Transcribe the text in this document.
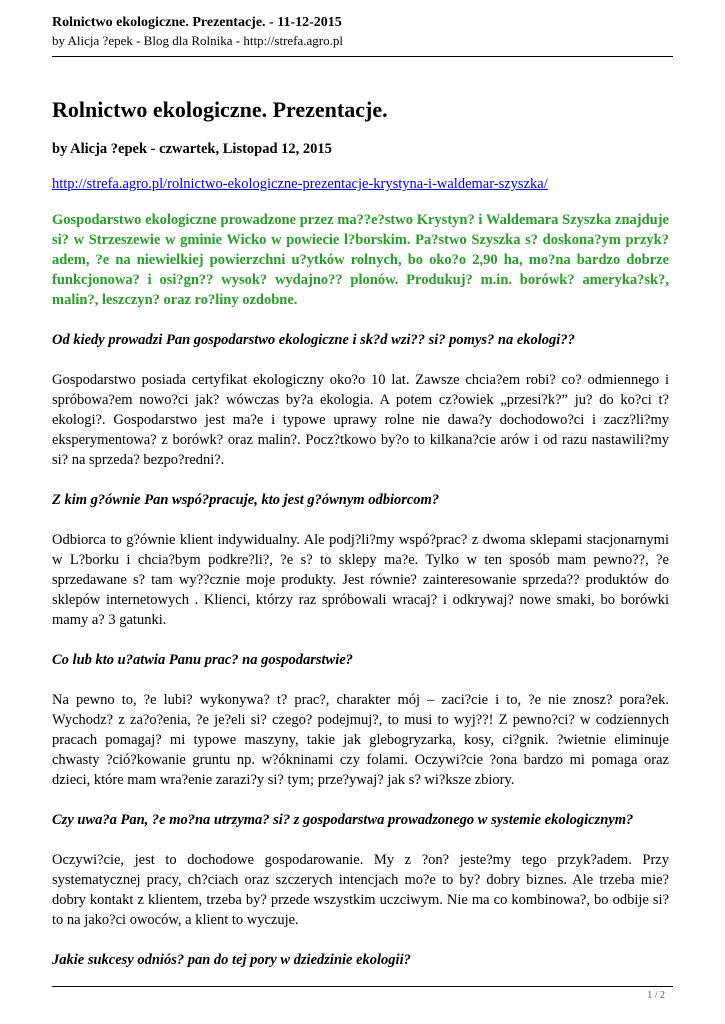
Rolnictwo ekologiczne. Prezentacje. - 11-12-2015
by Alicja ?epek - Blog dla Rolnika - http://strefa.agro.pl
Rolnictwo ekologiczne. Prezentacje.
by Alicja ?epek - czwartek, Listopad 12, 2015
http://strefa.agro.pl/rolnictwo-ekologiczne-prezentacje-krystyna-i-waldemar-szyszka/

Gospodarstwo ekologiczne prowadzone przez ma??e?stwo Krystyn? i Waldemara Szyszka znajduje si? w Strzeszewie w gminie Wicko w powiecie l?borskim. Pa?stwo Szyszka s? doskona?ym przyk?adem, ?e na niewielkiej powierzchni u?ytków rolnych, bo oko?o 2,90 ha, mo?na bardzo dobrze funkcjonowa? i osi?gn?? wysok? wydajno?? plonów. Produkuj? m.in. borówk? ameryka?sk?, malin?, leszczyn? oraz ro?liny ozdobne.

Od kiedy prowadzi Pan gospodarstwo ekologiczne i sk?d wzi?? si? pomys? na ekologi??

Gospodarstwo posiada certyfikat ekologiczny oko?o 10 lat. Zawsze chcia?em robi? co? odmiennego i spróbowa?em nowo?ci jak? wówczas by?a ekologia. A potem cz?owiek „przesi?k?” ju? do ko?ci t? ekologi?. Gospodarstwo jest ma?e i typowe uprawy rolne nie dawa?y dochodowo?ci i zacz?li?my eksperymentowa? z borówk? oraz malin?. Pocz?tkowo by?o to kilkana?cie arów i od razu nastawili?my si? na sprzeda? bezpo?redni?.

Z kim g?ównie Pan wspó?pracuje, kto jest g?ównym odbiorcom?

Odbiorca to g?ównie klient indywidualny. Ale podj?li?my wspó?prac? z dwoma sklepami stacjonarnymi w L?borku i chcia?bym podkre?li?, ?e s? to sklepy ma?e. Tylko w ten sposób mam pewno??, ?e sprzedawane s? tam wy??cznie moje produkty. Jest równie? zainteresowanie sprzeda?? produktów do sklepów internetowych . Klienci, którzy raz spróbowali wracaj? i odkrywaj? nowe smaki, bo borówki mamy a? 3 gatunki.

Co lub kto u?atwia Panu prac? na gospodarstwie?

Na pewno to, ?e lubi? wykonywa? t? prac?, charakter mój – zaci?cie i to, ?e nie znosz? pora?ek. Wychodz? z za?o?enia, ?e je?eli si? czego? podejmuj?, to musi to wyj??! Z pewno?ci? w codziennych pracach pomagaj? mi typowe maszyny, takie jak glebogryzarka, kosy, ci?gnik. ?wietnie eliminuje chwasty ?ció?kowanie gruntu np. w?ókninami czy folami. Oczywi?cie ?ona bardzo mi pomaga oraz dzieci, które mam wra?enie zarazi?y si? tym; prze?ywaj? jak s? wi?ksze zbiory.

Czy uwa?a Pan, ?e mo?na utrzyma? si? z gospodarstwa prowadzonego w systemie ekologicznym?

Oczywi?cie, jest to dochodowe gospodarowanie. My z ?on? jeste?my tego przyk?adem. Przy systematycznej pracy, ch?ciach oraz szczerych intencjach mo?e to by? dobry biznes. Ale trzeba mie? dobry kontakt z klientem, trzeba by? przede wszystkim uczciwym. Nie ma co kombinowa?, bo odbije si? to na jako?ci owoców, a klient to wyczuje.

Jakie sukcesy odniós? pan do tej pory w dziedzinie ekologii?

1 / 2
